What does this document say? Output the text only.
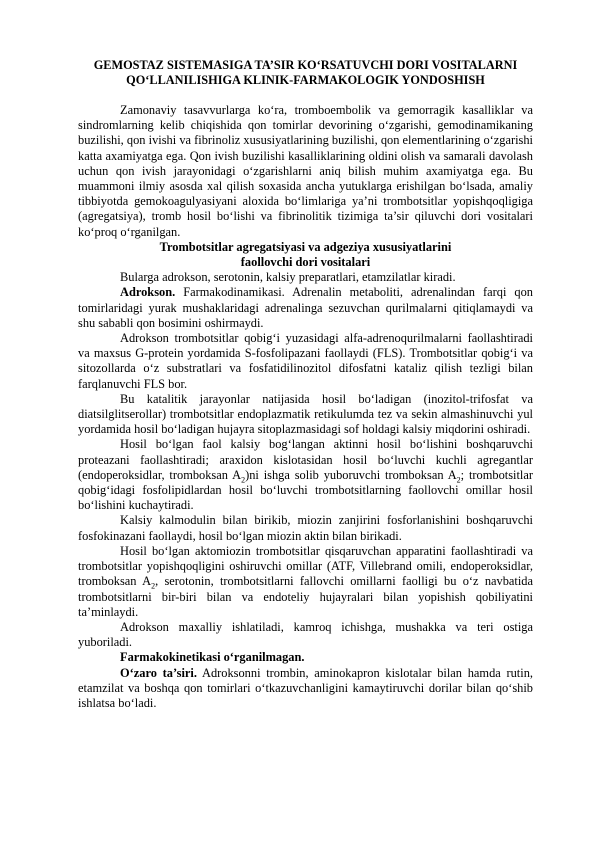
GEMOSTAZ SISTEMASIGA TA’SIR KO‘RSATUVCHI DORI VOSITALARNI
QO‘LLANILISHIGA KLINIK-FARMAKOLOGIK YONDOSHISH

Zamonaviy tasavvurlarga ko‘ra, tromboembolik va gemorragik kasalliklar va sindromlarning kelib chiqishida qon tomirlar devorining o‘zgarishi, gemodinamikaning buzilishi, qon ivishi va fibrinoliz xususiyatlarining buzilishi, qon elementlarining o‘zgarishi katta axamiyatga ega. Qon ivish buzilishi kasalliklarining oldini olish va samarali davolash uchun qon ivish jarayonidagi o‘zgarishlarni aniq bilish muhim axamiyatga ega. Bu muammoni ilmiy asosda xal qilish soxasida ancha yutuklarga erishilgan bo‘lsada, amaliy tibbiyotda gemokoagulyasiyani aloxida bo‘limlariga ya’ni trombotsitlar yopishqoqligiga (agregatsiya), tromb hosil bo‘lishi va fibrinolitik tizimiga ta’sir qiluvchi dori vositalari ko‘proq o‘rganilgan.

Trombotsitlar agregatsiyasi va adgeziya xususiyatlarini
faollovchi dori vositalari

Bularga adrokson, serotonin, kalsiy preparatlari, etamzilatlar kiradi.

Adrokson. Farmakodinamikasi. Adrenalin metaboliti, adrenalindan farqi qon tomirlaridagi yurak mushaklaridagi adrenalinga sezuvchan qurilmalarni qitiqlamaydi va shu sababli qon bosimini oshirmaydi.

Adrokson trombotsitlar qobig‘i yuzasidagi alfa-adrenoqurilmalarni faollashtiradi va maxsus G-protein yordamida S-fosfolipazani faollaydi (FLS). Trombotsitlar qobig‘i va sitozollarda o‘z substratlari va fosfatidilinozitol difosfatni kataliz qilish tezligi bilan farqlanuvchi FLS bor.

Bu katalitik jarayonlar natijasida hosil bo‘ladigan (inozitol-trifosfat va diatsilglitserollar) trombotsitlar endoplazmatik retikulumda tez va sekin almashinuvchi yul yordamida hosil bo‘ladigan hujayra sitoplazmasidagi sof holdagi kalsiy miqdorini oshiradi.

Hosil bo‘lgan faol kalsiy bog‘langan aktinni hosil bo‘lishini boshqaruvchi proteazani faollashtiradi; araxidon kislotasidan hosil bo‘luvchi kuchli agregantlar (endoperoksidlar, tromboksan $A_2)ni$ ishga solib yuboruvchi tromboksan $A_2$; trombotsitlar qobig‘idagi fosfolipidlardan hosil bo‘luvchi trombotsitlarning faollovchi omillar hosil bo‘lishini kuchaytiradi.

Kalsiy kalmodulin bilan birikib, miozin zanjirini fosforlanishini boshqaruvchi fosfokinazani faollaydi, hosil bo‘lgan miozin aktin bilan birikadi.

Hosil bo‘lgan aktomiozin trombotsitlar qisqaruvchan apparatini faollashtiradi va trombotsitlar yopishqoqligini oshiruvchi omillar (ATF, Villebrand omili, endoperoksidlar, tromboksan $A_2$, serotonin, trombotsitlarni fallovchi omillarni faolligi bu o‘z navbatida trombotsitlarni bir-biri bilan va endoteliy hujayralari bilan yopishish qobiliyatini ta’minlaydi.

Adrokson maxalliy ishlatiladi, kamroq ichishga, mushakka va teri ostiga yuboriladi.

Farmakokinetikasi o‘rganilmagan.

O‘zaro ta’siri. Adroksonni trombin, aminokapron kislotalar bilan hamda rutin, etamzilat va boshqa qon tomirlari o‘tkazuvchanligini kamaytiruvchi dorilar bilan qo‘shib ishlatsa bo‘ladi.
